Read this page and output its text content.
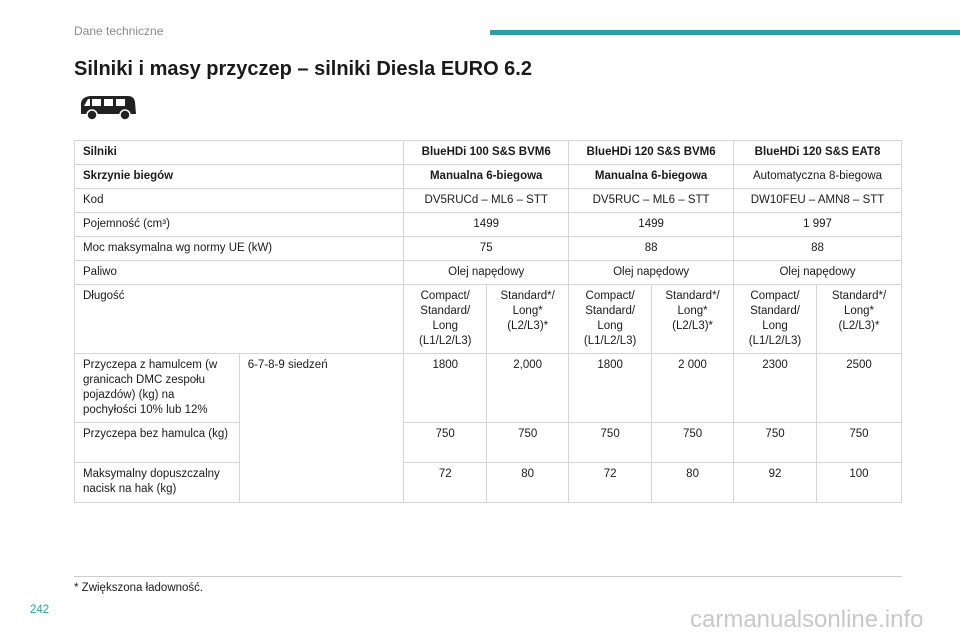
Dane techniczne
Silniki i masy przyczep – silniki Diesla EURO 6.2
Silniki		BlueHDi 100 S&S BVM6		BlueHDi 120 S&S BVM6		BlueHDi 120 S&S EAT8	
Skrzynie biegów		Manualna 6-biegowa		Manualna 6-biegowa		Automatyczna 8-biegowa	
Kod		DV5RUCd – ML6 – STT		DV5RUC – ML6 – STT		DW10FEU – AMN8 – STT	
Pojemność (cm³)		1499		1499		1 997	
Moc maksymalna wg normy UE (kW)		75		88		88	
Paliwo		Olej napędowy		Olej napędowy		Olej napędowy	
Długość		Compact/ Standard/ Long (L1/L2/L3)	Standard*/ Long* (L2/L3)*	Compact/ Standard/ Long (L1/L2/L3)	Standard*/ Long* (L2/L3)*	Compact/ Standard/ Long (L1/L2/L3)	Standard*/ Long* (L2/L3)*
Przyczepa z hamulcem (w granicach DMC zespołu pojazdów) (kg) na pochyłości 10% lub 12%	6-7-8-9 siedzeń	1800	2,000	1800	2 000	2300	2500
Przyczepa bez hamulca (kg)		750	750	750	750	750	750
Maksymalny dopuszczalny nacisk na hak (kg)		72	80	72	80	92	100
* Zwiększona ładowność.
242	carmanualsonline.info
